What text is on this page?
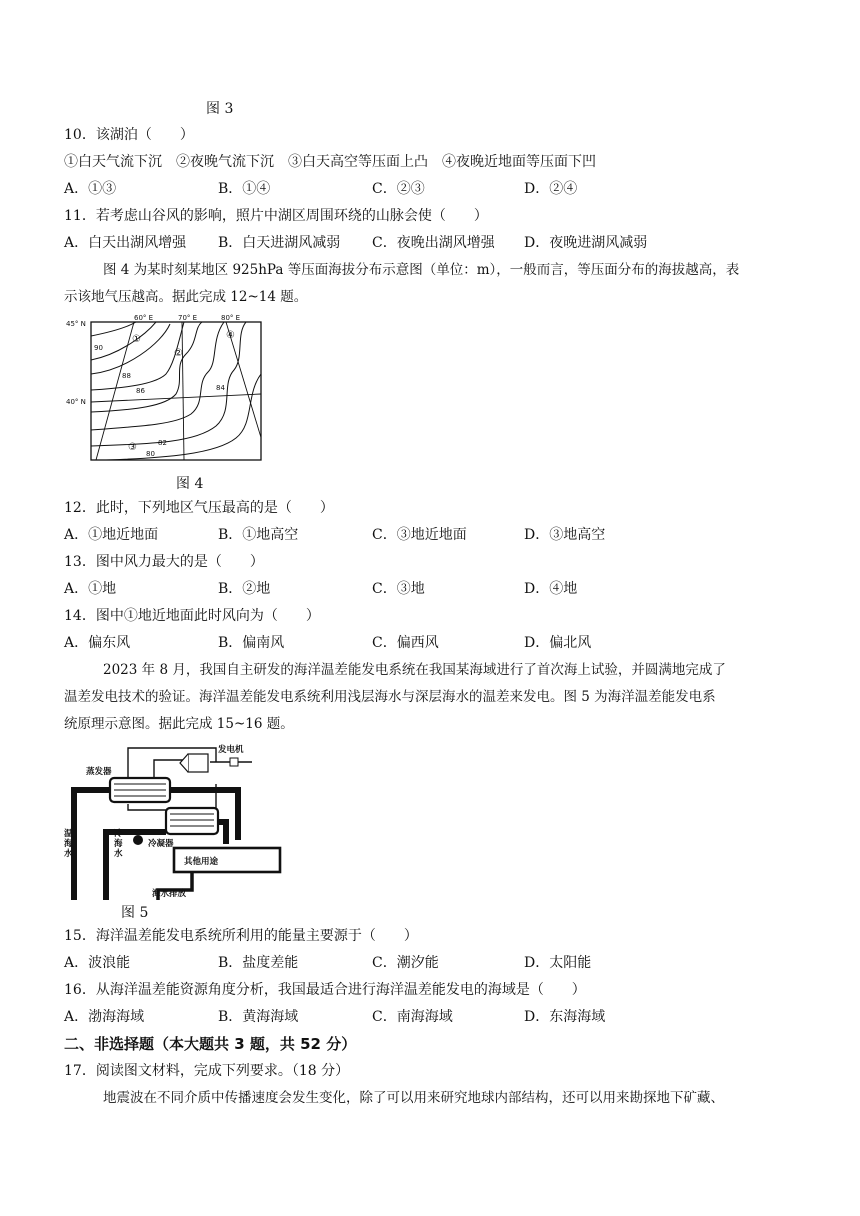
图 3
10．该湖泊（　　）
①白天气流下沉　②夜晚气流下沉　③白天高空等压面上凸　④夜晚近地面等压面下凹
A．①③	B．①④	C．②③	D．②④
11．若考虑山谷风的影响，照片中湖区周围环绕的山脉会使（　　）
A．白天出湖风增强 B．白天进湖风减弱 C．夜晚出湖风增强 D．夜晚进湖风减弱
图 4 为某时刻某地区 925hPa 等压面海拔分布示意图（单位：m），一般而言，等压面分布的海拔越高，表
示该地气压越高。据此完成 12~14 题。
45° N
40° N
60° E	70° E	80° E
90
88
86	84
82
80
①
②
③
④
图 4
12．此时，下列地区气压最高的是（　　）
A．①地近地面	B．①地高空	C．③地近地面	D．③地高空
13．图中风力最大的是（　　）
A．①地	B．②地	C．③地	D．④地
14．图中①地近地面此时风向为（　　）
A．偏东风	B．偏南风	C．偏西风	D．偏北风
2023 年 8 月，我国自主研发的海洋温差能发电系统在我国某海域进行了首次海上试验，并圆满地完成了
温差发电技术的验证。海洋温差能发电系统利用浅层海水与深层海水的温差来发电。图 5 为海洋温差能发电系
统原理示意图。据此完成 15~16 题。
发电机
蒸发器
冷凝器
其他用途
海水排放
温
海
水
冷
海
水
图 5
15．海洋温差能发电系统所利用的能量主要源于（　　）
A．波浪能	B．盐度差能	C．潮汐能	D．太阳能
16．从海洋温差能资源角度分析，我国最适合进行海洋温差能发电的海域是（　　）
A．渤海海域	B．黄海海域	C．南海海域	D．东海海域
二、非选择题（本大题共 3 题，共 52 分）
17．阅读图文材料，完成下列要求。（18 分）
地震波在不同介质中传播速度会发生变化，除了可以用来研究地球内部结构，还可以用来勘探地下矿藏、
